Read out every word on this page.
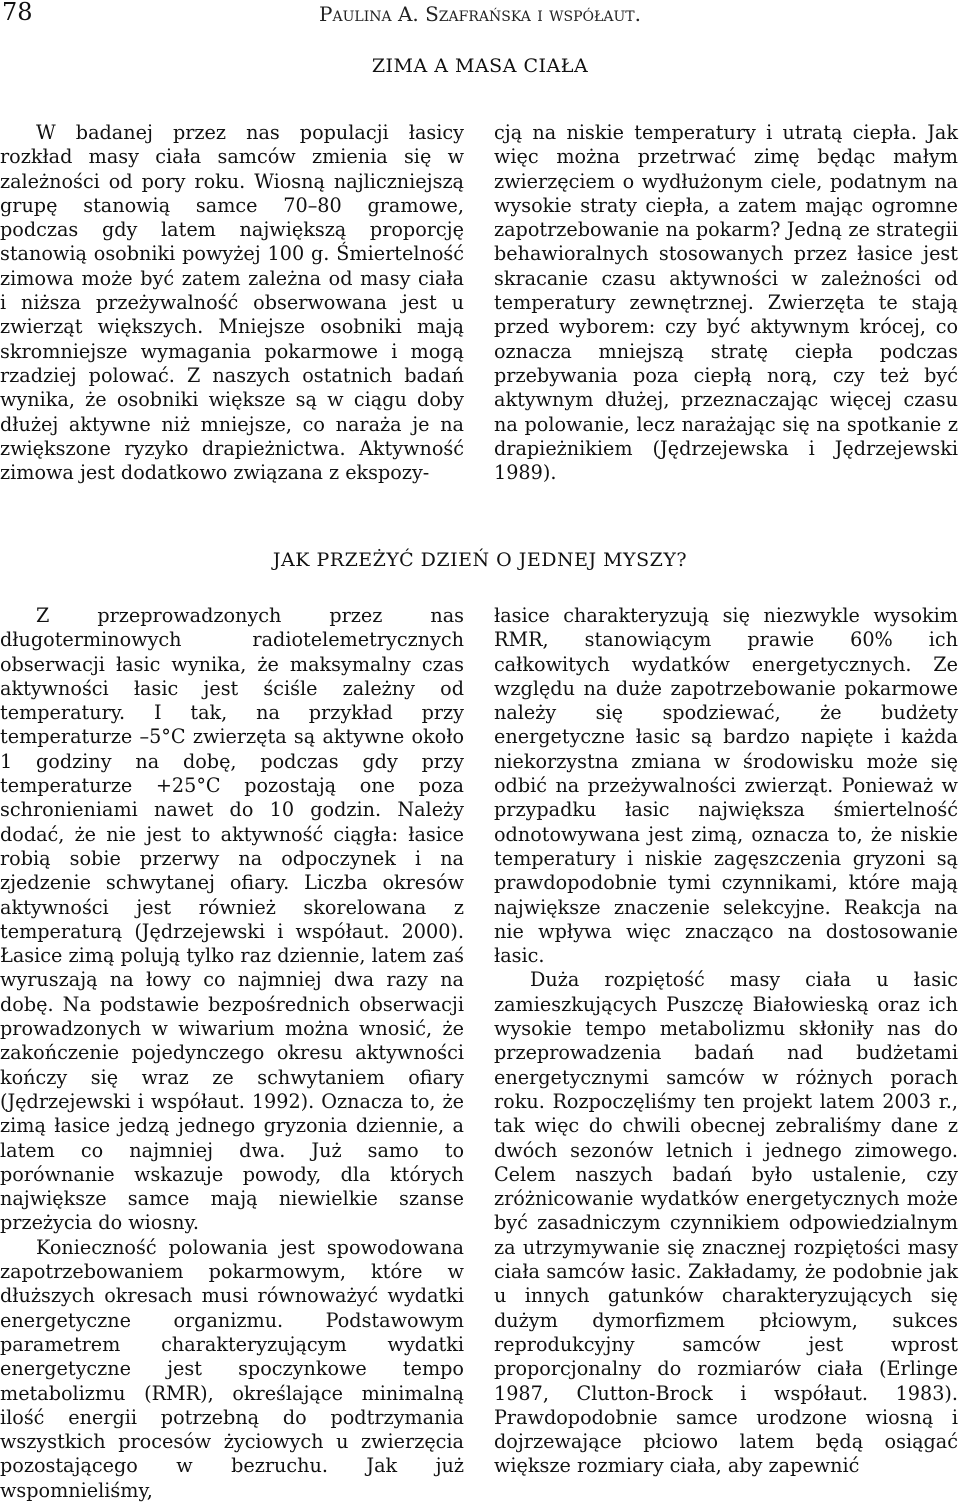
78	Paulina A. Szafrańska i współaut.
ZIMA A MASA CIAŁA

W badanej przez nas populacji łasicy rozkład masy ciała samców zmienia się w zależności od pory roku. Wiosną najliczniejszą grupę stanowią samce 70–80 gramowe, podczas gdy latem największą proporcję stanowią osobniki powyżej 100 g. Śmiertelność zimowa może być zatem zależna od masy ciała i niższa przeżywalność obserwowana jest u zwierząt większych. Mniejsze osobniki mają skromniejsze wymagania pokarmowe i mogą rzadziej polować. Z naszych ostatnich badań wynika, że osobniki większe są w ciągu doby dłużej aktywne niż mniejsze, co naraża je na zwiększone ryzyko drapieżnictwa. Aktywność zimowa jest dodatkowo związana z ekspozy-

cją na niskie temperatury i utratą ciepła. Jak więc można przetrwać zimę będąc małym zwierzęciem o wydłużonym ciele, podatnym na wysokie straty ciepła, a zatem mając ogromne zapotrzebowanie na pokarm? Jedną ze strategii behawioralnych stosowanych przez łasice jest skracanie czasu aktywności w zależności od temperatury zewnętrznej. Zwierzęta te stają przed wyborem: czy być aktywnym krócej, co oznacza mniejszą stratę ciepła podczas przebywania poza ciepłą norą, czy też być aktywnym dłużej, przeznaczając więcej czasu na polowanie, lecz narażając się na spotkanie z drapieżnikiem (Jędrzejewska i Jędrzejewski 1989).

JAK PRZEŻYĆ DZIEŃ O JEDNEJ MYSZY?

Z przeprowadzonych przez nas długoterminowych radiotelemetrycznych obserwacji łasic wynika, że maksymalny czas aktywności łasic jest ściśle zależny od temperatury. I tak, na przykład przy temperaturze –5°C zwierzęta są aktywne około 1 godziny na dobę, podczas gdy przy temperaturze +25°C pozostają one poza schronieniami nawet do 10 godzin. Należy dodać, że nie jest to aktywność ciągła: łasice robią sobie przerwy na odpoczynek i na zjedzenie schwytanej ofiary. Liczba okresów aktywności jest również skorelowana z temperaturą (Jędrzejewski i współaut. 2000). Łasice zimą polują tylko raz dziennie, latem zaś wyruszają na łowy co najmniej dwa razy na dobę. Na podstawie bezpośrednich obserwacji prowadzonych w wiwarium można wnosić, że zakończenie pojedynczego okresu aktywności kończy się wraz ze schwytaniem ofiary (Jędrzejewski i współaut. 1992). Oznacza to, że zimą łasice jedzą jednego gryzonia dziennie, a latem co najmniej dwa. Już samo to porównanie wskazuje powody, dla których największe samce mają niewielkie szanse przeżycia do wiosny.

Konieczność polowania jest spowodowana zapotrzebowaniem pokarmowym, które w dłuższych okresach musi równoważyć wydatki energetyczne organizmu. Podstawowym parametrem charakteryzującym wydatki energetyczne jest spoczynkowe tempo metabolizmu (RMR), określające minimalną ilość energii potrzebną do podtrzymania wszystkich procesów życiowych u zwierzęcia pozostającego w bezruchu. Jak już wspomnieliśmy,

łasice charakteryzują się niezwykle wysokim RMR, stanowiącym prawie 60% ich całkowitych wydatków energetycznych. Ze względu na duże zapotrzebowanie pokarmowe należy się spodziewać, że budżety energetyczne łasic są bardzo napięte i każda niekorzystna zmiana w środowisku może się odbić na przeżywalności zwierząt. Ponieważ w przypadku łasic największa śmiertelność odnotowywana jest zimą, oznacza to, że niskie temperatury i niskie zagęszczenia gryzoni są prawdopodobnie tymi czynnikami, które mają największe znaczenie selekcyjne. Reakcja na nie wpływa więc znacząco na dostosowanie łasic.

Duża rozpiętość masy ciała u łasic zamieszkujących Puszczę Białowieską oraz ich wysokie tempo metabolizmu skłoniły nas do przeprowadzenia badań nad budżetami energetycznymi samców w różnych porach roku. Rozpoczęliśmy ten projekt latem 2003 r., tak więc do chwili obecnej zebraliśmy dane z dwóch sezonów letnich i jednego zimowego. Celem naszych badań było ustalenie, czy zróżnicowanie wydatków energetycznych może być zasadniczym czynnikiem odpowiedzialnym za utrzymywanie się znacznej rozpiętości masy ciała samców łasic. Zakładamy, że podobnie jak u innych gatunków charakteryzujących się dużym dymorfizmem płciowym, sukces reprodukcyjny samców jest wprost proporcjonalny do rozmiarów ciała (Erlinge 1987, Clutton-Brock i współaut. 1983). Prawdopodobnie samce urodzone wiosną i dojrzewające płciowo latem będą osiągać większe rozmiary ciała, aby zapewnić
